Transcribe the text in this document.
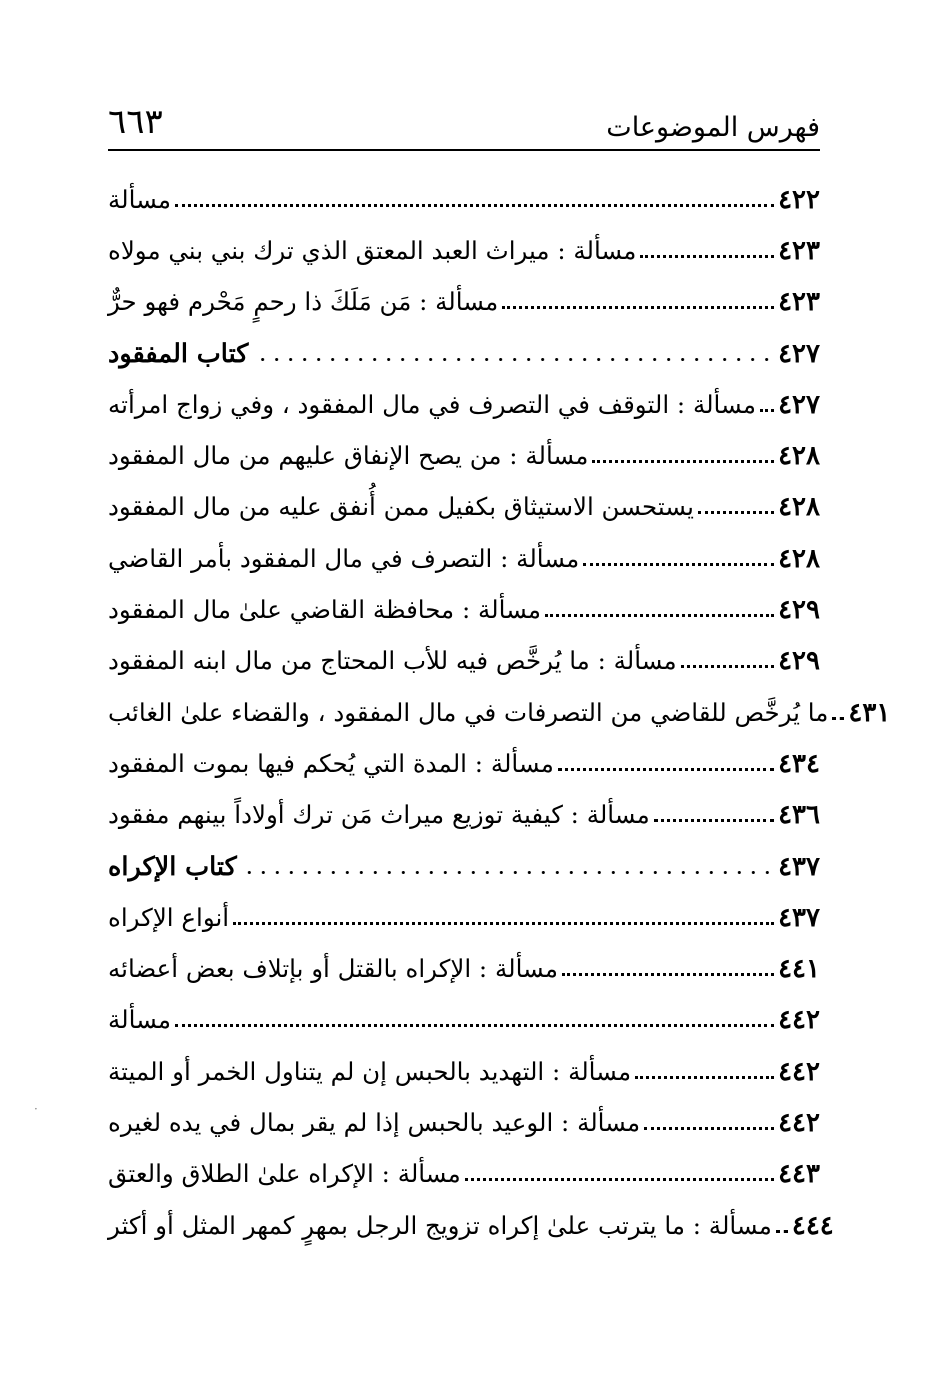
فهرس الموضوعات
٦٦٣
مسألة	٤٢٢
مسألة : ميراث العبد المعتق الذي ترك بني بني مولاه	٤٢٣
مسألة : مَن مَلَكَ ذا رحمٍ مَحْرم فهو حرٌّ	٤٢٣
كتاب المفقود	٤٢٧
مسألة : التوقف في التصرف في مال المفقود ، وفي زواج امرأته ٤٢٧
مسألة : من يصح الإنفاق عليهم من مال المفقود	٤٢٨
يستحسن الاستيثاق بكفيل ممن أُنفق عليه من مال المفقود	٤٢٨
مسألة : التصرف في مال المفقود بأمر القاضي	٤٢٨
مسألة : محافظة القاضي علىٰ مال المفقود	٤٢٩
مسألة : ما يُرخَّص فيه للأب المحتاج من مال ابنه المفقود	٤٢٩
ما يُرخَّص للقاضي من التصرفات في مال المفقود ، والقضاء علىٰ الغائب ٤٣١
مسألة : المدة التي يُحكم فيها بموت المفقود	٤٣٤
مسألة : كيفية توزيع ميراث مَن ترك أولاداً بينهم مفقود	٤٣٦
كتاب الإكراه	٤٣٧
أنواع الإكراه	٤٣٧
مسألة : الإكراه بالقتل أو بإتلاف بعض أعضائه	٤٤١
مسألة	٤٤٢
مسألة : التهديد بالحبس إن لم يتناول الخمر أو الميتة	٤٤٢
مسألة : الوعيد بالحبس إذا لم يقر بمال في يده لغيره	٤٤٢
مسألة : الإكراه علىٰ الطلاق والعتق	٤٤٣
مسألة : ما يترتب علىٰ إكراه تزويج الرجل بمهرٍ كمهر المثل أو أكثر ٤٤٤
·
